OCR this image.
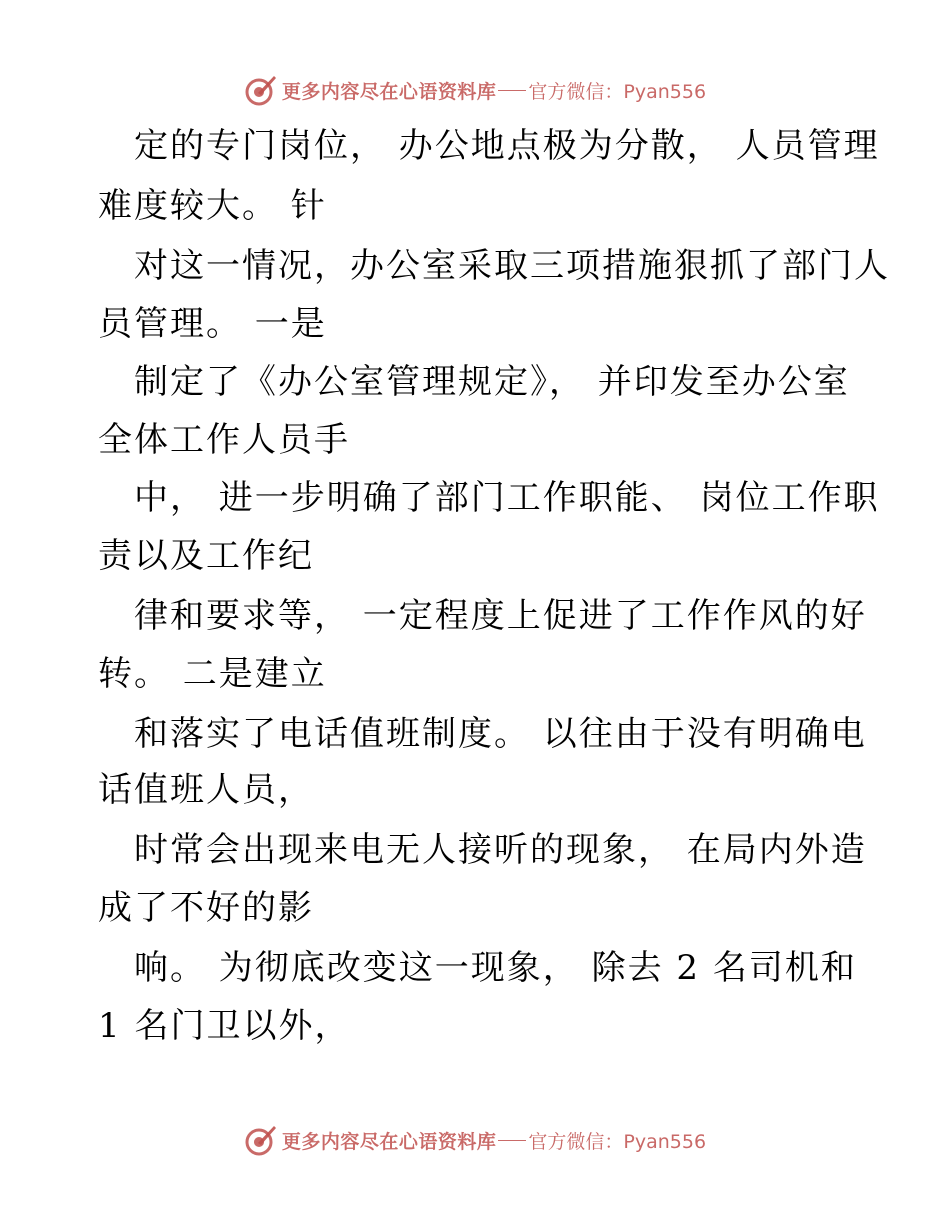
更多内容尽在心语资料库 官方微信：Pyan556
定的专门岗位， 办公地点极为分散， 人员管理
难度较大。 针
对这一情况，办公室采取三项措施狠抓了部门人
员管理。 一是
制定了《办公室管理规定》， 并印发至办公室
全体工作人员手
中， 进一步明确了部门工作职能、 岗位工作职
责以及工作纪
律和要求等， 一定程度上促进了工作作风的好
转。 二是建立
和落实了电话值班制度。 以往由于没有明确电
话值班人员，
时常会出现来电无人接听的现象， 在局内外造
成了不好的影
响。 为彻底改变这一现象， 除去 2 名司机和
1 名门卫以外，
更多内容尽在心语资料库 官方微信：Pyan556
